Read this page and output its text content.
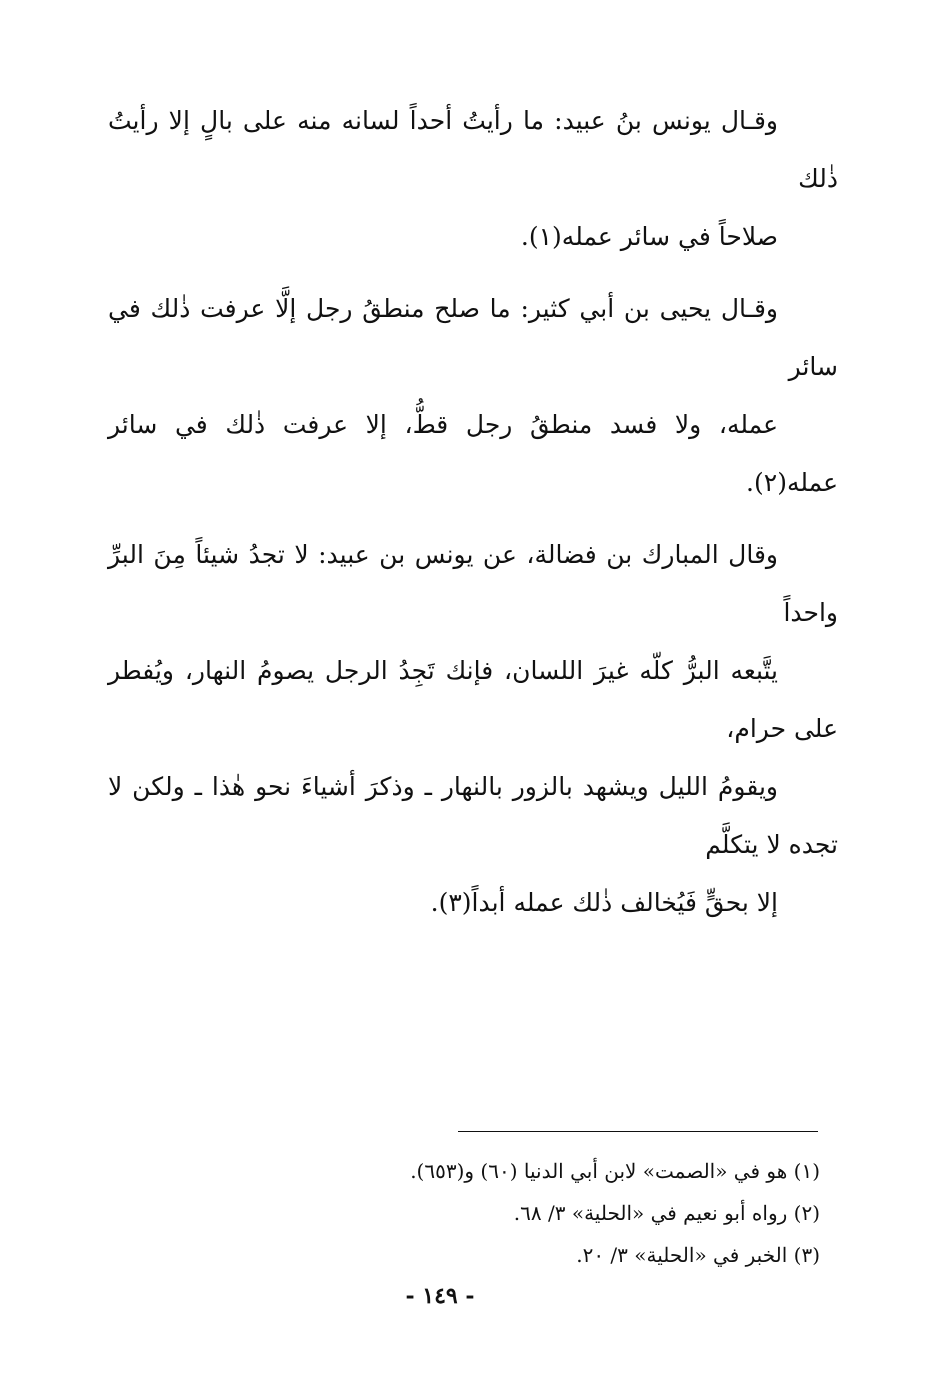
وقـال يونس بنُ عبيد: ما رأيتُ أحداً لسانه منه على بالٍ إلا رأيتُ ذٰلك
صلاحاً في سائر عمله(١).

وقـال يحيى بن أبي كثير: ما صلح منطقُ رجل إلَّا عرفت ذٰلك في سائر
عمله، ولا فسد منطقُ رجل قطُّ، إلا عرفت ذٰلك في سائر عمله(٢).

وقال المبارك بن فضالة، عن يونس بن عبيد: لا تجدُ شيئاً مِنَ البرِّ واحداً
يتَّبعه البرُّ كلّه غيرَ اللسان، فإنك تَجِدُ الرجل يصومُ النهار، ويُفطر على حرام،
ويقومُ الليل ويشهد بالزور بالنهار ـ وذكرَ أشياءَ نحو هٰذا ـ ولكن لا تجده لا يتكلَّم
إلا بحقٍّ فَيُخالف ذٰلك عمله أبداً(٣).

(١) هو في «الصمت» لابن أبي الدنيا (٦٠) و(٦٥٣).
(٢) رواه أبو نعيم في «الحلية» ٣/ ٦٨.
(٣) الخبر في «الحلية» ٣/ ٢٠.
- ١٤٩ -
